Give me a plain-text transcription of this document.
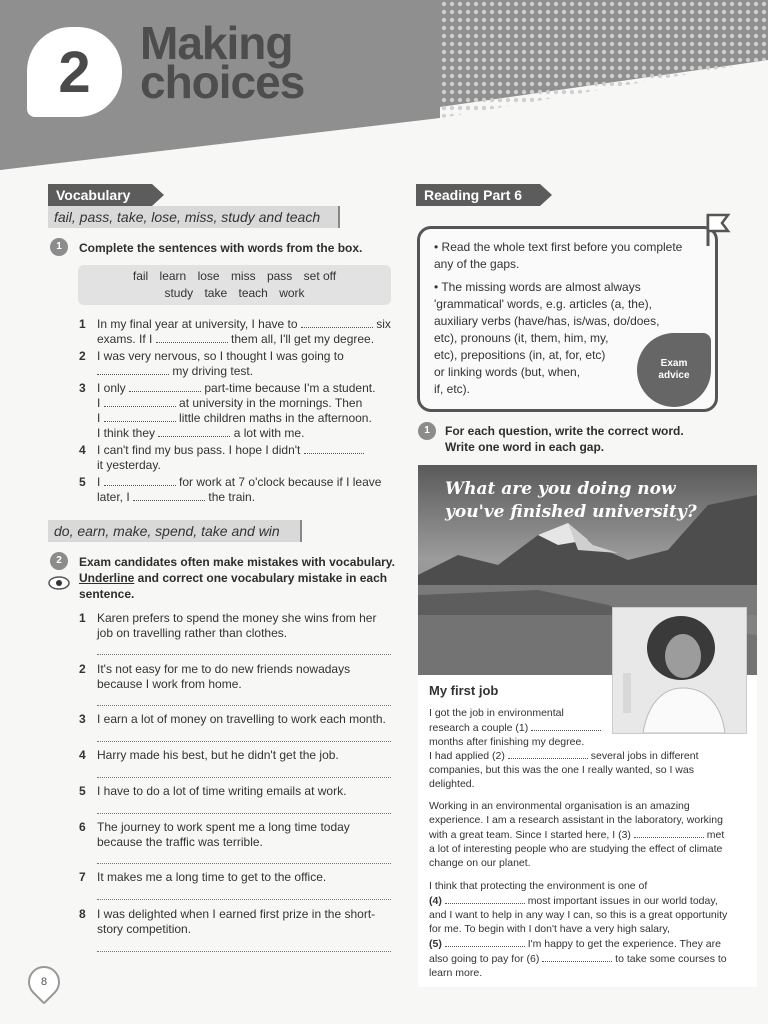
2	Making
choices
Vocabulary
fail, pass, take, lose, miss, study and teach
1	Complete the sentences with words from the box.
fail learn lose miss pass set off
study take teach work
1 In my final year at university, I have to	six
exams. If I	them all, I'll get my degree.
2 I was very nervous, so I thought I was going to
my driving test.
3 I only	part-time because I'm a student.
I	at university in the mornings. Then
I	little children maths in the afternoon.
I think they	a lot with me.
4 I can't find my bus pass. I hope I didn't
it yesterday.
5 I	for work at 7 o'clock because if I leave
later, I	the train.
do, earn, make, spend, take and win
2	Exam candidates often make mistakes with vocabulary.
Underline and correct one vocabulary mistake in each
sentence.
1 Karen prefers to spend the money she wins from her
job on travelling rather than clothes.
2 It's not easy for me to do new friends nowadays
because I work from home.
3 I earn a lot of money on travelling to work each month.
4 Harry made his best, but he didn't get the job.
5 I have to do a lot of time writing emails at work.
6 The journey to work spent me a long time today
because the traffic was terrible.
7 It makes me a long time to get to the office.
8 I was delighted when I earned first prize in the short-
story competition.
Reading Part 6

• Read the whole text first before you complete any of the gaps.

• The missing words are almost always
'grammatical' words, e.g. articles (a, the),
auxiliary verbs (have/has, is/was, do/does,
etc), pronouns (it, them, him, my,
etc), prepositions (in, at, for, etc)
or linking words (but, when,
if, etc).

Exam
advice
1	For each question, write the correct word.
Write one word in each gap.
What are you doing now
you've finished university?
My first job
I got the job in environmental
research a couple (1)
months after finishing my degree.
I had applied (2)	several jobs in different
companies, but this was the one I really wanted, so I was
delighted.
Working in an environmental organisation is an amazing
experience. I am a research assistant in the laboratory, working
with a great team. Since I started here, I (3)	met
a lot of interesting people who are studying the effect of climate
change on our planet.
I think that protecting the environment is one of
(4)	most important issues in our world today,
and I want to help in any way I can, so this is a great opportunity
for me. To begin with I don't have a very high salary,
(5)	I'm happy to get the experience. They are
also going to pay for (6)	to take some courses to
learn more.
8
